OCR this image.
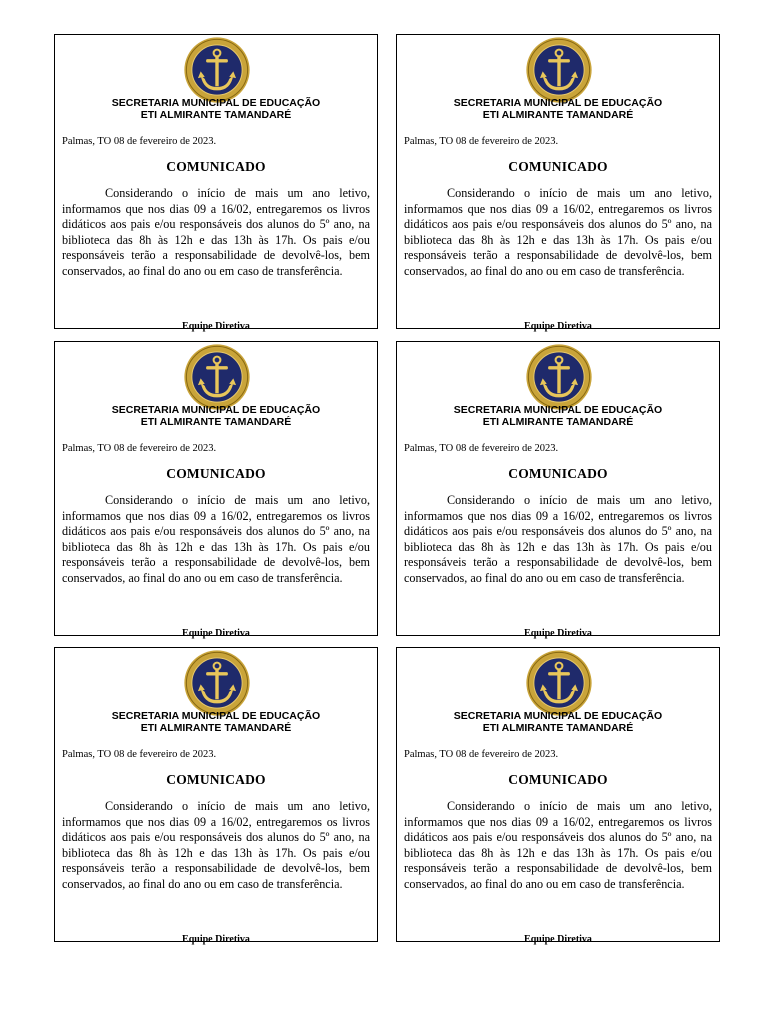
SECRETARIA MUNICIPAL DE EDUCAÇÃO
ETI ALMIRANTE TAMANDARÉ
Palmas, TO 08 de fevereiro de 2023.
COMUNICADO

Considerando o início de mais um ano letivo, informamos que nos dias 09 a 16/02, entregaremos os livros didáticos aos pais e/ou responsáveis dos alunos do 5º ano, na biblioteca das 8h às 12h e das 13h às 17h. Os pais e/ou responsáveis terão a responsabilidade de devolvê-los, bem conservados, ao final do ano ou em caso de transferência.

Equipe Diretiva
SECRETARIA MUNICIPAL DE EDUCAÇÃO
ETI ALMIRANTE TAMANDARÉ
Palmas, TO 08 de fevereiro de 2023.
COMUNICADO

Considerando o início de mais um ano letivo, informamos que nos dias 09 a 16/02, entregaremos os livros didáticos aos pais e/ou responsáveis dos alunos do 5º ano, na biblioteca das 8h às 12h e das 13h às 17h. Os pais e/ou responsáveis terão a responsabilidade de devolvê-los, bem conservados, ao final do ano ou em caso de transferência.

Equipe Diretiva
SECRETARIA MUNICIPAL DE EDUCAÇÃO
ETI ALMIRANTE TAMANDARÉ
Palmas, TO 08 de fevereiro de 2023.
COMUNICADO

Considerando o início de mais um ano letivo, informamos que nos dias 09 a 16/02, entregaremos os livros didáticos aos pais e/ou responsáveis dos alunos do 5º ano, na biblioteca das 8h às 12h e das 13h às 17h. Os pais e/ou responsáveis terão a responsabilidade de devolvê-los, bem conservados, ao final do ano ou em caso de transferência.

Equipe Diretiva
SECRETARIA MUNICIPAL DE EDUCAÇÃO
ETI ALMIRANTE TAMANDARÉ
Palmas, TO 08 de fevereiro de 2023.
COMUNICADO

Considerando o início de mais um ano letivo, informamos que nos dias 09 a 16/02, entregaremos os livros didáticos aos pais e/ou responsáveis dos alunos do 5º ano, na biblioteca das 8h às 12h e das 13h às 17h. Os pais e/ou responsáveis terão a responsabilidade de devolvê-los, bem conservados, ao final do ano ou em caso de transferência.

Equipe Diretiva
SECRETARIA MUNICIPAL DE EDUCAÇÃO
ETI ALMIRANTE TAMANDARÉ
Palmas, TO 08 de fevereiro de 2023.
COMUNICADO

Considerando o início de mais um ano letivo, informamos que nos dias 09 a 16/02, entregaremos os livros didáticos aos pais e/ou responsáveis dos alunos do 5º ano, na biblioteca das 8h às 12h e das 13h às 17h. Os pais e/ou responsáveis terão a responsabilidade de devolvê-los, bem conservados, ao final do ano ou em caso de transferência.

Equipe Diretiva
SECRETARIA MUNICIPAL DE EDUCAÇÃO
ETI ALMIRANTE TAMANDARÉ
Palmas, TO 08 de fevereiro de 2023.
COMUNICADO

Considerando o início de mais um ano letivo, informamos que nos dias 09 a 16/02, entregaremos os livros didáticos aos pais e/ou responsáveis dos alunos do 5º ano, na biblioteca das 8h às 12h e das 13h às 17h. Os pais e/ou responsáveis terão a responsabilidade de devolvê-los, bem conservados, ao final do ano ou em caso de transferência.

Equipe Diretiva
